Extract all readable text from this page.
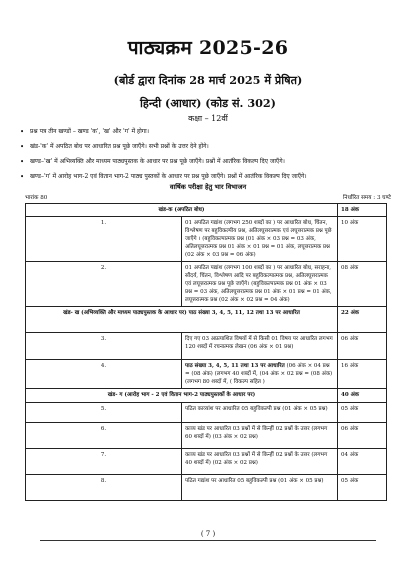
पाठ्यक्रम 2025-26
(बोर्ड द्वारा दिनांक 28 मार्च 2025 में प्रेषित)
हिन्दी (आधार) (कोड सं. 302)
कक्षा – 12वीं
• प्रश्न पत्र तीन खण्डों – खण्ड 'क', 'ख' और 'ग' में होगा।
• खंड-'क' में अपठित बोध पर आधारित प्रश्न पूछे जाएँगे। सभी प्रश्नों के उत्तर देने होंगे।
• खण्ड–'ख' में अभिव्यक्ति और माध्यम पाठ्यपुस्तक के आधार पर प्रश्न पूछे जाएँगे। प्रश्नों में आतंरिक विकल्प दिए जाएँगे।
• खण्ड–'ग' में आरोह भाग-2 एवं वितान भाग-2 पाठ्य पुस्तकों के आधार पर प्रश्न पूछे जाएँगे। प्रश्नों में आतंरिक विकल्प दिए जाएँगे।
वार्षिक परीक्षा हेतु भार विभाजन
भारांक 80	निर्धारित समय : 3 घण्टे
खंड-क (अपठित बोध)		18 अंक
1.	01 अपठित गद्यांश (लगभग 250 शब्दों का ) पर आधारित बोध, चिंतन, विश्लेषण पर बहुविकल्पीय प्रश्न, अतिलघूत्तरात्मक एवं लघूत्तरात्मक प्रश्न पूछे जाएँगे । (बहुविकल्पात्मक प्रश्न (01 अंक × 03 प्रश्न = 03 अंक, अतिलघूत्तरात्मक प्रश्न 01 अंक × 01 प्रश्न = 01 अंक, लघूत्तरात्मक प्रश्न (02 अंक × 03 प्रश्न = 06 अंक)	10 अंक
2.	01 अपठित पद्यांश (लगभग 100 शब्दों का ) पर आधारित बोध, सराहना, सौंदर्य, चिंतन, विश्लेषण आदि पर बहुविकल्पात्मक प्रश्न, अतिलघूत्तरात्मक एवं लघूत्तरात्मक प्रश्न पूछे जाएँगे। (बहुविकल्पात्मक प्रश्न 01 अंक × 03 प्रश्न = 03 अंक, अतिलघूत्तरात्मक प्रश्न 01 अंक × 01 प्रश्न = 01 अंक, लघूत्तरात्मक प्रश्न (02 अंक × 02 प्रश्न = 04 अंक)	08 अंक
खंड- ख (अभिव्यक्ति और माध्यम पाठ्यपुस्तक के आधार पर) पाठ संख्या 3, 4, 5, 11, 12 तथा 13 पर आधारित		22 अंक
3.	दिए गए 03 अप्रत्याशित विषयों में से किसी 01 विषय पर आधारित लगभग 120 शब्दों में रचनात्मक लेखन (06 अंक × 01 प्रश्न)	06 अंक
4.	पाठ संख्या 3, 4, 5, 11 तथा 13 पर आधारित (06 अंक × 04 प्रश्न = (08 अंक) (लगभग 40 शब्दों में, (04 अंक × 02 प्रश्न = (08 अंक) (लगभग 80 शब्दों में, ( विकल्प सहित )	16 अंक
खंड- ग (आरोह भाग - 2 एवं वितान भाग-2 पाठ्यपुस्तकों के आधार पर)		40 अंक
5.	पठित काव्यांश पर आधारित 05 बहुविकल्पी प्रश्न (01 अंक × 05 प्रश्न)	05 अंक
6.	काव्य खंड पर आधारित 03 प्रश्नों में से किन्हीं 02 प्रश्नों के उत्तर (लगभग 60 शब्दों में) (03 अंक × 02 प्रश्न)	06 अंक
7.	काव्य खंड पर आधारित 03 प्रश्नों में से किन्हीं 02 प्रश्नों के उत्तर (लगभग 40 शब्दों में) (02 अंक × 02 प्रश्न)	04 अंक
8.	पठित गद्यांश पर आधारित 05 बहुविकल्पी प्रश्न (01 अंक × 05 प्रश्न)	05 अंक
( 7 )
